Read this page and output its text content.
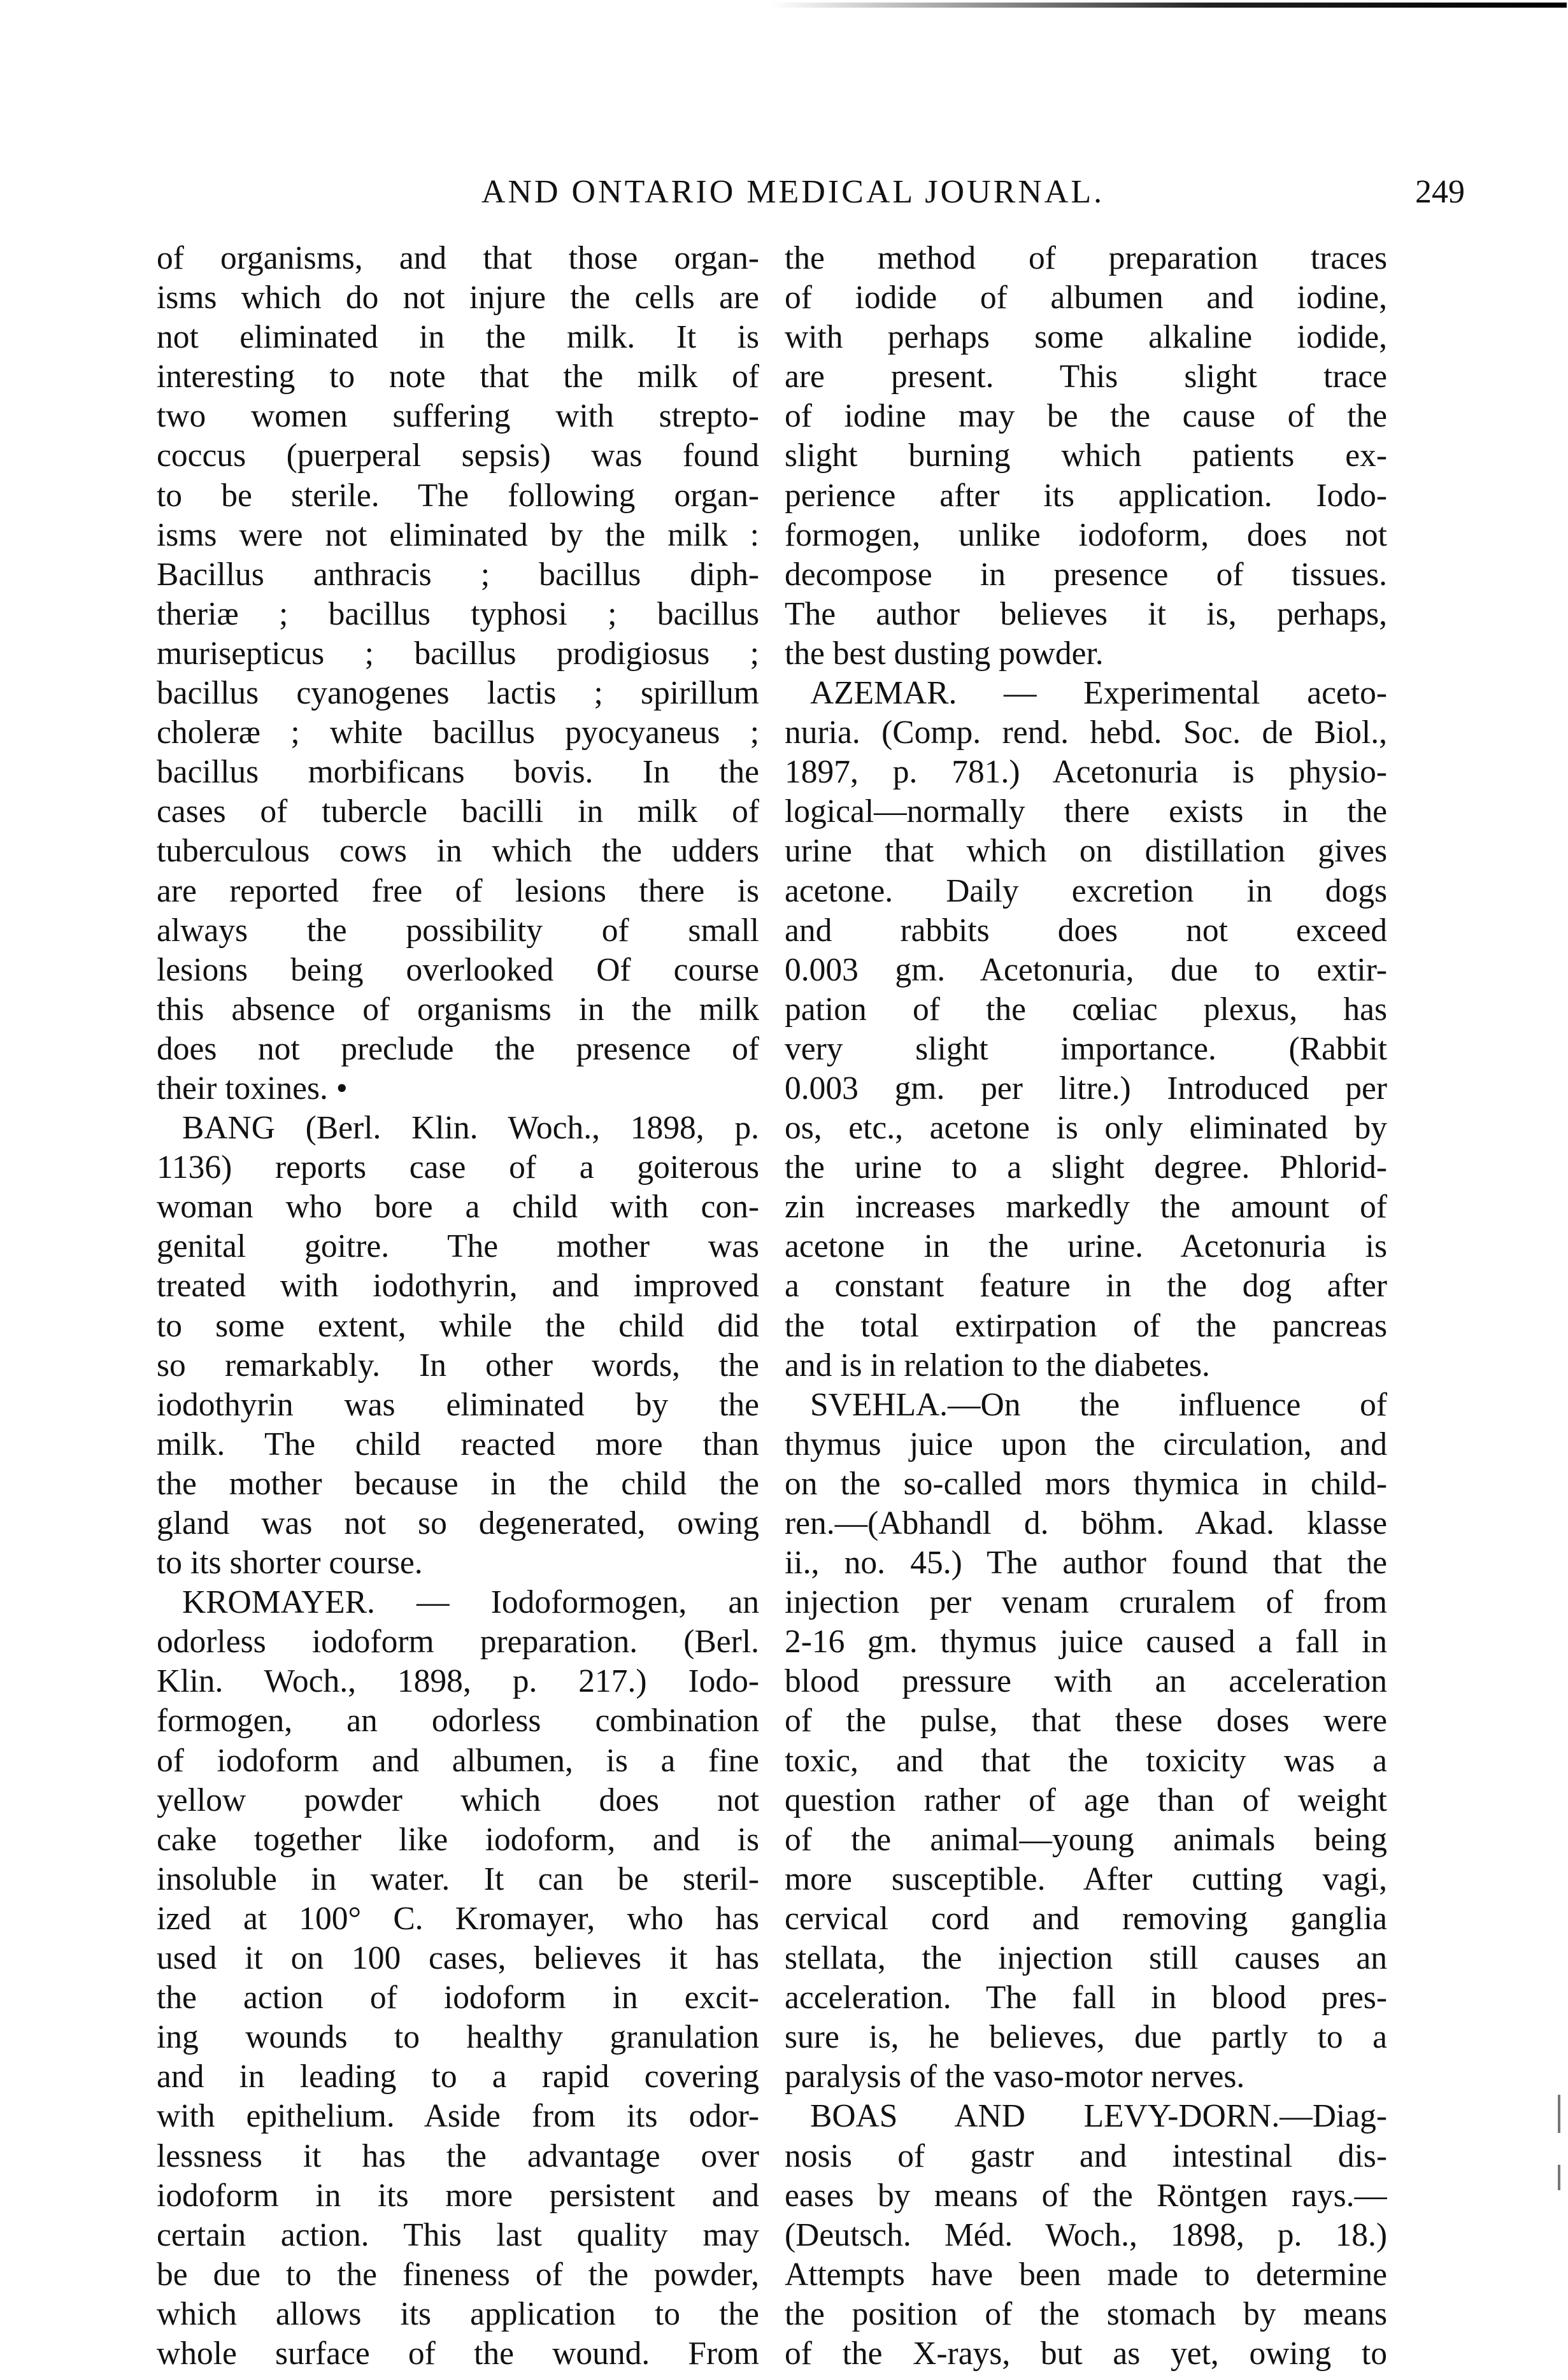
AND ONTARIO MEDICAL JOURNAL.	249
of organisms, and that those organ-
isms which do not injure the cells are
not eliminated in the milk. It is
interesting to note that the milk of
two women suffering with strepto-
coccus (puerperal sepsis) was found
to be sterile. The following organ-
isms were not eliminated by the milk :
Bacillus anthracis ; bacillus diph-
theriæ ; bacillus typhosi ; bacillus
murisepticus ; bacillus prodigiosus ;
bacillus cyanogenes lactis ; spirillum
choleræ ; white bacillus pyocyaneus ;
bacillus morbificans bovis. In the
cases of tubercle bacilli in milk of
tuberculous cows in which the udders
are reported free of lesions there is
always the possibility of small
lesions being overlooked Of course
this absence of organisms in the milk
does not preclude the presence of
their toxines. •
BANG (Berl. Klin. Woch., 1898, p.
1136) reports case of a goiterous
woman who bore a child with con-
genital goitre. The mother was
treated with iodothyrin, and improved
to some extent, while the child did
so remarkably. In other words, the
iodothyrin was eliminated by the
milk. The child reacted more than
the mother because in the child the
gland was not so degenerated, owing
to its shorter course.
KROMAYER. — Iodoformogen, an
odorless iodoform preparation. (Berl.
Klin. Woch., 1898, p. 217.) Iodo-
formogen, an odorless combination
of iodoform and albumen, is a fine
yellow powder which does not
cake together like iodoform, and is
insoluble in water. It can be steril-
ized at 100° C. Kromayer, who has
used it on 100 cases, believes it has
the action of iodoform in excit-
ing wounds to healthy granulation
and in leading to a rapid covering
with epithelium. Aside from its odor-
lessness it has the advantage over
iodoform in its more persistent and
certain action. This last quality may
be due to the fineness of the powder,
which allows its application to the
whole surface of the wound. From
the method of preparation traces
of iodide of albumen and iodine,
with perhaps some alkaline iodide,
are present. This slight trace
of iodine may be the cause of the
slight burning which patients ex-
perience after its application. Iodo-
formogen, unlike iodoform, does not
decompose in presence of tissues.
The author believes it is, perhaps,
the best dusting powder.
AZEMAR. — Experimental aceto-
nuria. (Comp. rend. hebd. Soc. de Biol.,
1897, p. 781.) Acetonuria is physio-
logical—normally there exists in the
urine that which on distillation gives
acetone. Daily excretion in dogs
and rabbits does not exceed
0.003 gm. Acetonuria, due to extir-
pation of the cœliac plexus, has
very slight importance. (Rabbit
0.003 gm. per litre.) Introduced per
os, etc., acetone is only eliminated by
the urine to a slight degree. Phlorid-
zin increases markedly the amount of
acetone in the urine. Acetonuria is
a constant feature in the dog after
the total extirpation of the pancreas
and is in relation to the diabetes.
SVEHLA.—On the influence of
thymus juice upon the circulation, and
on the so-called mors thymica in child-
ren.—(Abhandl d. böhm. Akad. klasse
ii., no. 45.) The author found that the
injection per venam cruralem of from
2-16 gm. thymus juice caused a fall in
blood pressure with an acceleration
of the pulse, that these doses were
toxic, and that the toxicity was a
question rather of age than of weight
of the animal—young animals being
more susceptible. After cutting vagi,
cervical cord and removing ganglia
stellata, the injection still causes an
acceleration. The fall in blood pres-
sure is, he believes, due partly to a
paralysis of the vaso-motor nerves.
BOAS AND LEVY-DORN.—Diag-
nosis of gastr and intestinal dis-
eases by means of the Röntgen rays.—
(Deutsch. Méd. Woch., 1898, p. 18.)
Attempts have been made to determine
the position of the stomach by means
of the X-rays, but as yet, owing to
